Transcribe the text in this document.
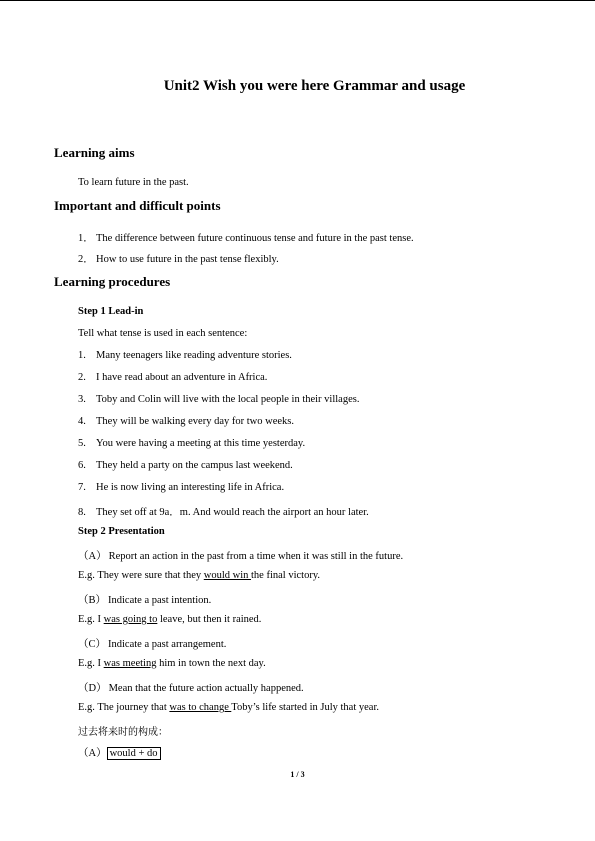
Unit2 Wish you were here Grammar and usage
Learning aims
To learn future in the past.
Important and difficult points
1． The difference between future continuous tense and future in the past tense.
2． How to use future in the past tense flexibly.
Learning procedures
Step 1 Lead-in
Tell what tense is used in each sentence:
1. Many teenagers like reading adventure stories.
2. I have read about an adventure in Africa.
3. Toby and Colin will live with the local people in their villages.
4. They will be walking every day for two weeks.
5. You were having a meeting at this time yesterday.
6. They held a party on the campus last weekend.
7. He is now living an interesting life in Africa.
8. They set off at 9a．m. And would reach the airport an hour later.
Step 2 Presentation
（A） Report an action in the past from a time when it was still in the future.
E.g. They were sure that they would win the final victory.
（B） Indicate a past intention.
E.g. I was going to leave, but then it rained.
（C） Indicate a past arrangement.
E.g. I was meeting him in town the next day.
（D） Mean that the future action actually happened.
E.g. The journey that was to change Toby’s life started in July that year.
过去将来时的构成：
（A） would + do
1 / 3
